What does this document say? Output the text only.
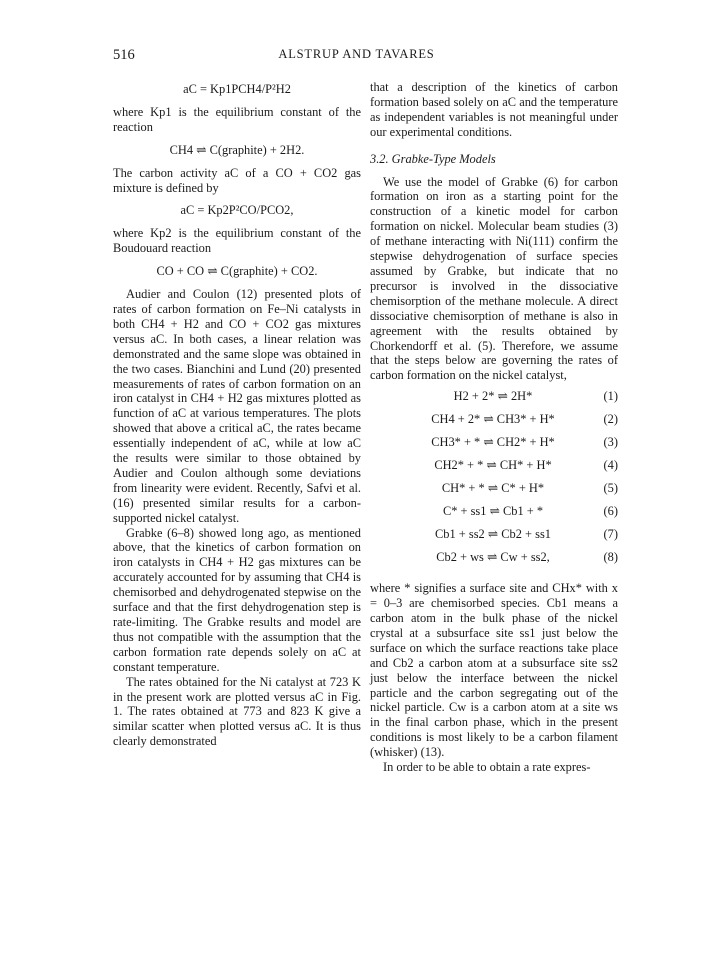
516	ALSTRUP AND TAVARES
aC = Kp1PCH4/P²H2

where Kp1 is the equilibrium constant of the reaction

CH4 ⇌ C(graphite) + 2H2.

The carbon activity aC of a CO + CO2 gas mixture is defined by

aC = Kp2P²CO/PCO2,

where Kp2 is the equilibrium constant of the Boudouard reaction

CO + CO ⇌ C(graphite) + CO2.

Audier and Coulon (12) presented plots of rates of carbon formation on Fe–Ni catalysts in both CH4 + H2 and CO + CO2 gas mixtures versus aC. In both cases, a linear relation was demonstrated and the same slope was obtained in the two cases. Bianchini and Lund (20) presented measurements of rates of carbon formation on an iron catalyst in CH4 + H2 gas mixtures plotted as function of aC at various temperatures. The plots showed that above a critical aC, the rates became essentially independent of aC, while at low aC the results were similar to those obtained by Audier and Coulon although some deviations from linearity were evident. Recently, Safvi et al. (16) presented similar results for a carbon-supported nickel catalyst.

Grabke (6–8) showed long ago, as mentioned above, that the kinetics of carbon formation on iron catalysts in CH4 + H2 gas mixtures can be accurately accounted for by assuming that CH4 is chemisorbed and dehydrogenated stepwise on the surface and that the first dehydrogenation step is rate-limiting. The Grabke results and model are thus not compatible with the assumption that the carbon formation rate depends solely on aC at constant temperature.

The rates obtained for the Ni catalyst at 723 K in the present work are plotted versus aC in Fig. 1. The rates obtained at 773 and 823 K give a similar scatter when plotted versus aC. It is thus clearly demonstrated

that a description of the kinetics of carbon formation based solely on aC and the temperature as independent variables is not meaningful under our experimental conditions.

3.2. Grabke-Type Models

We use the model of Grabke (6) for carbon formation on iron as a starting point for the construction of a kinetic model for carbon formation on nickel. Molecular beam studies (3) of methane interacting with Ni(111) confirm the stepwise dehydrogenation of surface species assumed by Grabke, but indicate that no precursor is involved in the dissociative chemisorption of the methane molecule. A direct dissociative chemisorption of methane is also in agreement with the results obtained by Chorkendorff et al. (5). Therefore, we assume that the steps below are governing the rates of carbon formation on the nickel catalyst,

H2 + 2* ⇌ 2H*	(1)
CH4 + 2* ⇌ CH3* + H*	(2)
CH3* + * ⇌ CH2* + H*	(3)
CH2* + * ⇌ CH* + H*	(4)
CH* + * ⇌ C* + H*	(5)
C* + ss1 ⇌ Cb1 + *	(6)
Cb1 + ss2 ⇌ Cb2 + ss1	(7)
Cb2 + ws ⇌ Cw + ss2,	(8)

where * signifies a surface site and CHx* with x = 0–3 are chemisorbed species. Cb1 means a carbon atom in the bulk phase of the nickel crystal at a subsurface site ss1 just below the surface on which the surface reactions take place and Cb2 a carbon atom at a subsurface site ss2 just below the interface between the nickel particle and the carbon segregating out of the nickel particle. Cw is a carbon atom at a site ws in the final carbon phase, which in the present conditions is most likely to be a carbon filament (whisker) (13).

In order to be able to obtain a rate expres-
